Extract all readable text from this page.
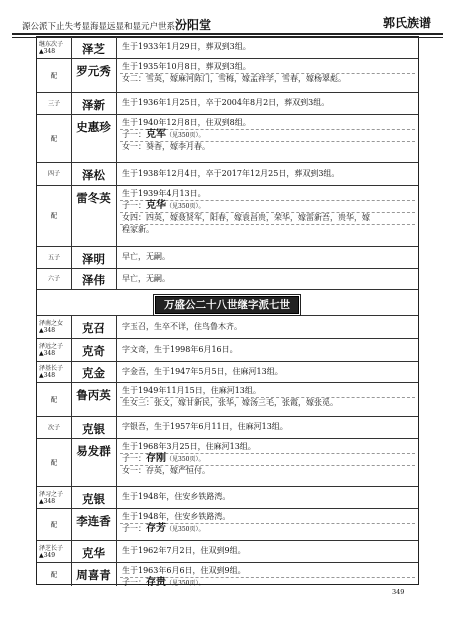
源公派下止失考显海显远显和显元户世系汾阳堂	郭氏族谱
继东次子
▲348	泽芝	生于1933年1月29日，葬双到3组。
配	罗元秀	生于1935年10月8日，葬双到3组。
女二：雪英，嫁麻河陈门，雪梅，嫁孟祥学，雪春，嫁杨翠彪。
三子	泽新	生于1936年1月25日，卒于2004年8月2日，葬双到3组。
配
史惠珍	生于1940年12月8日，住双到8组。
子一：克军（见350页）。
女一：葵香，嫁李月春。
四子	泽松	生于1938年12月4日，卒于2017年12月25日，葬双到3组。
配
雷冬英	生于1939年4月13日。
子一：克华（见350页）。
女四：四英，嫁聂贤军，阳春，嫁袁昌贵，荣华，嫁雷新吾，贵华，嫁
程家新。
五子	泽明	早亡，无嗣。
六子	泽伟	早亡，无嗣。
万盛公二十八世继字派七世
泽南之女
▲348	克召	字玉召，生卒不详，住鸟鲁木齐。
泽远之子
▲348	克奇	字文奇，生于1998年6月16日。
泽基长子
▲348	克金	字金吾，生于1947年5月5日，住麻河13组。
配	鲁丙英	生于1949年11月15日，住麻河13组。
生女三：张文，嫁甘新民，张华，嫁汤三毛，张霞，嫁张觅。
次子	克银	字银吾，生于1957年6月11日，住麻河13组。
配
易发群	生于1968年3月25日，住麻河13组。
子一：存刚（见350页）。
女一：存英，嫁严恒付。
泽习之子
▲348	克银	生于1948年，住安乡铁路湾。
配	李连香	生于1948年，住安乡铁路湾。
子一：存芳（见350页）。
泽芝长子
▲349	克华	生于1962年7月2日，住双到9组。
配	周喜青	生于1963年6月6日，住双到9组。
子一：存贵（见350页）。
349
